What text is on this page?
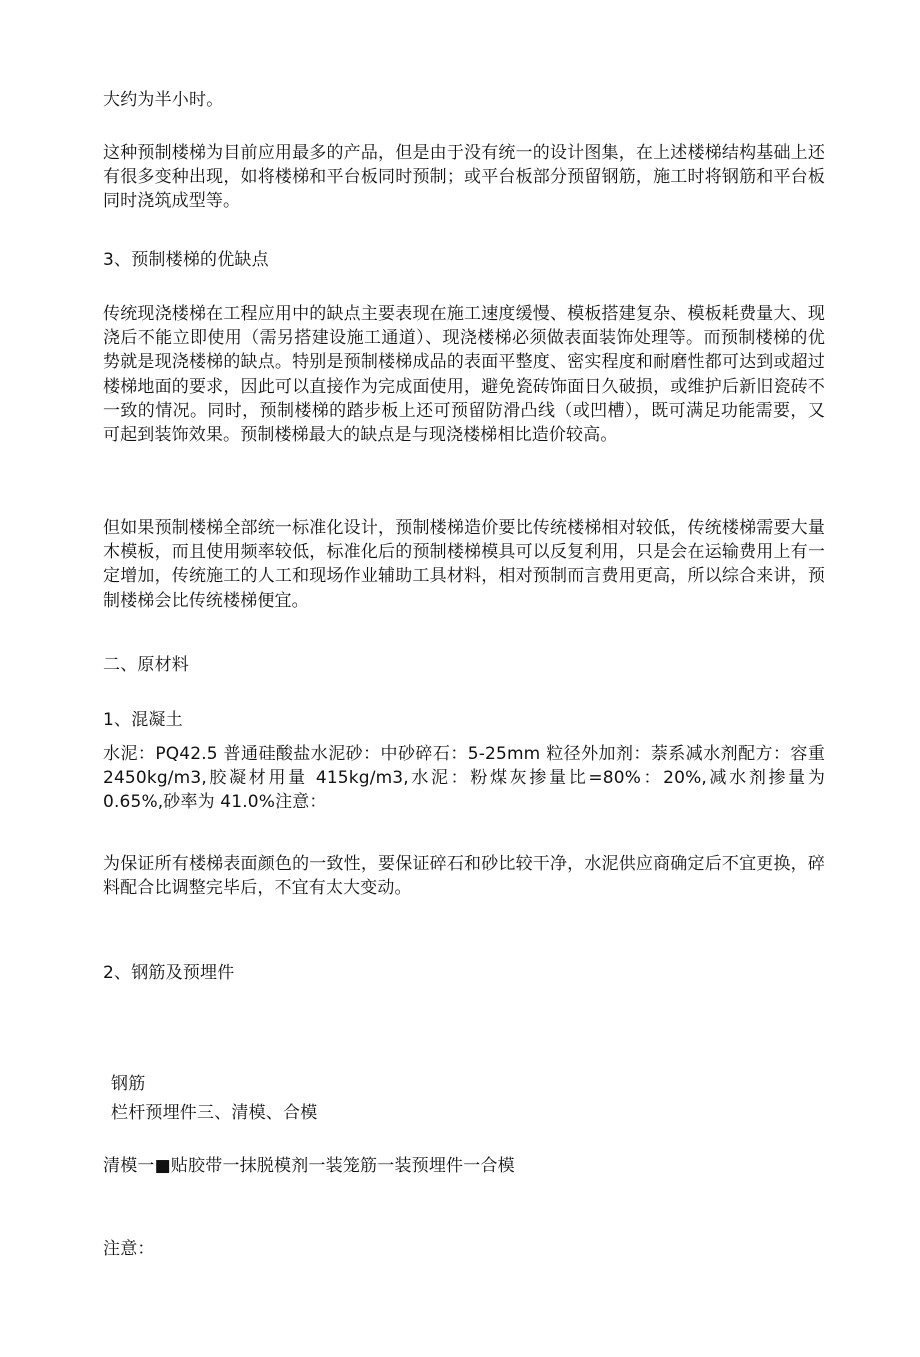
大约为半小时。
这种预制楼梯为目前应用最多的产品，但是由于没有统一的设计图集，在上述楼梯结构基础上还有很多变种出现，如将楼梯和平台板同时预制；或平台板部分预留钢筋，施工时将钢筋和平台板同时浇筑成型等。
3、预制楼梯的优缺点
传统现浇楼梯在工程应用中的缺点主要表现在施工速度缓慢、模板搭建复杂、模板耗费量大、现浇后不能立即使用（需另搭建设施工通道）、现浇楼梯必须做表面装饰处理等。而预制楼梯的优势就是现浇楼梯的缺点。特别是预制楼梯成品的表面平整度、密实程度和耐磨性都可达到或超过楼梯地面的要求，因此可以直接作为完成面使用，避免瓷砖饰面日久破损，或维护后新旧瓷砖不一致的情况。同时，预制楼梯的踏步板上还可预留防滑凸线（或凹槽），既可满足功能需要，又可起到装饰效果。预制楼梯最大的缺点是与现浇楼梯相比造价较高。
但如果预制楼梯全部统一标准化设计，预制楼梯造价要比传统楼梯相对较低，传统楼梯需要大量木模板，而且使用频率较低，标准化后的预制楼梯模具可以反复利用，只是会在运输费用上有一定增加，传统施工的人工和现场作业辅助工具材料，相对预制而言费用更高，所以综合来讲，预制楼梯会比传统楼梯便宜。
二、原材料
1、混凝土
水泥：PQ42.5 普通硅酸盐水泥砂：中砂碎石：5-25mm 粒径外加剂：萘系减水剂配方：容重 2450kg∕m3,胶凝材用量 415kg∕m3,水泥：粉煤灰掺量比=80%：20%,减水剂掺量为 0.65%,砂率为 41.0%注意：
为保证所有楼梯表面颜色的一致性，要保证碎石和砂比较干净，水泥供应商确定后不宜更换，碎料配合比调整完毕后，不宜有太大变动。
2、钢筋及预埋件
钢筋
栏杆预埋件三、清模、合模
清模一■贴胶带一抹脱模剂一装笼筋一装预埋件一合模
注意：
